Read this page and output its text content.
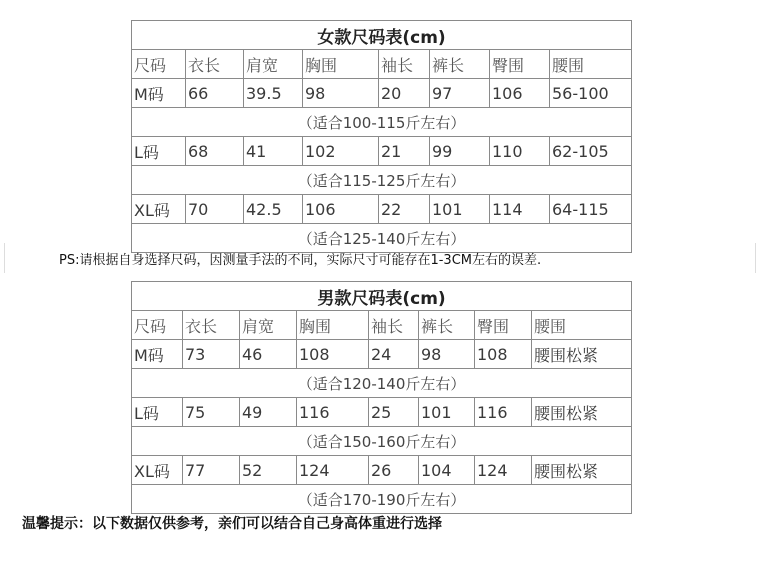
女款尺码表(cm)							
尺码	衣长	肩宽	胸围	袖长	裤长	臀围	腰围
M码	66	39.5	98	20	97	106	56-100
（适合100-115斤左右）							
L码	68	41	102	21	99	110	62-105
（适合115-125斤左右）							
XL码	70	42.5	106	22	101	114	64-115
（适合125-140斤左右）							
PS:请根据自身选择尺码，因测量手法的不同，实际尺寸可能存在1-3CM左右的误差.
男款尺码表(cm)							
尺码	衣长	肩宽	胸围	袖长	裤长	臀围	腰围
M码	73	46	108	24	98	108	腰围松紧
（适合120-140斤左右）							
L码	75	49	116	25	101	116	腰围松紧
（适合150-160斤左右）							
XL码	77	52	124	26	104	124	腰围松紧
（适合170-190斤左右）							
温馨提示：以下数据仅供参考，亲们可以结合自己身高体重进行选择
